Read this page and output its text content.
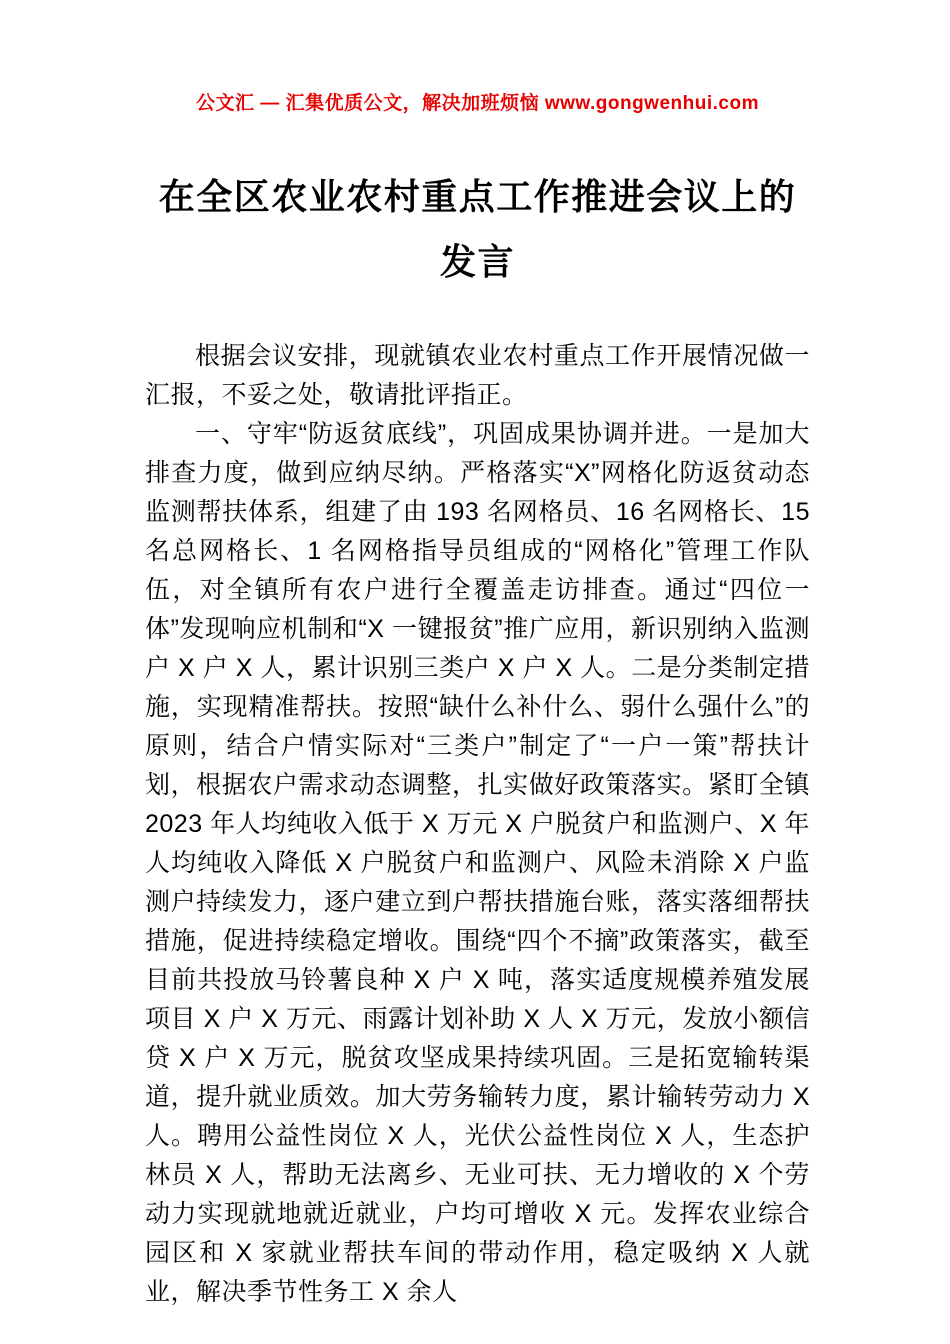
公文汇 — 汇集优质公文，解决加班烦恼 www.gongwenhui.com
在全区农业农村重点工作推进会议上的发言

根据会议安排，现就镇农业农村重点工作开展情况做一汇报，不妥之处，敬请批评指正。

一、守牢“防返贫底线”，巩固成果协调并进。一是加大排查力度，做到应纳尽纳。严格落实“X”网格化防返贫动态监测帮扶体系，组建了由 193 名网格员、16 名网格长、15 名总网格长、1 名网格指导员组成的“网格化”管理工作队伍，对全镇所有农户进行全覆盖走访排查。通过“四位一体”发现响应机制和“X 一键报贫”推广应用，新识别纳入监测户 X 户 X 人，累计识别三类户 X 户 X 人。二是分类制定措施，实现精准帮扶。按照“缺什么补什么、弱什么强什么”的原则，结合户情实际对“三类户”制定了“一户一策”帮扶计划，根据农户需求动态调整，扎实做好政策落实。紧盯全镇 2023 年人均纯收入低于 X 万元 X 户脱贫户和监测户、X 年人均纯收入降低 X 户脱贫户和监测户、风险未消除 X 户监测户持续发力，逐户建立到户帮扶措施台账，落实落细帮扶措施，促进持续稳定增收。围绕“四个不摘”政策落实，截至目前共投放马铃薯良种 X 户 X 吨，落实适度规模养殖发展项目 X 户 X 万元、雨露计划补助 X 人 X 万元，发放小额信贷 X 户 X 万元，脱贫攻坚成果持续巩固。三是拓宽输转渠道，提升就业质效。加大劳务输转力度，累计输转劳动力 X 人。聘用公益性岗位 X 人，光伏公益性岗位 X 人，生态护林员 X 人，帮助无法离乡、无业可扶、无力增收的 X 个劳动力实现就地就近就业，户均可增收 X 元。发挥农业综合园区和 X 家就业帮扶车间的带动作用，稳定吸纳 X 人就业，解决季节性务工 X 余人
